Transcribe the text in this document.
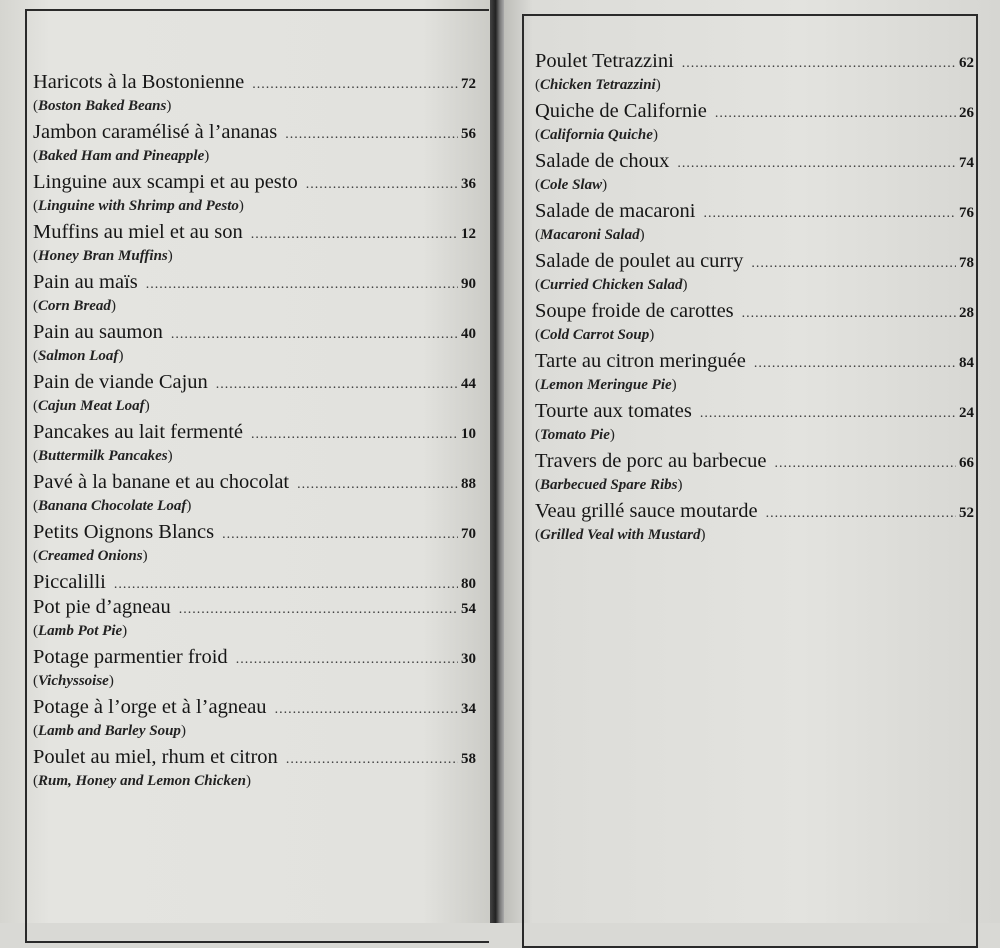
Haricots à la Bostonienne
.....	72
(Boston Baked Beans)
Jambon caramélisé à l’ananas
.....	56
(Baked Ham and Pineapple)
Linguine aux scampi et au pesto
.....	36
(Linguine with Shrimp and Pesto)
Muffins au miel et au son
.....	12
(Honey Bran Muffins)
Pain au maïs
.....	90
(Corn Bread)
Pain au saumon
.....	40
(Salmon Loaf)
Pain de viande Cajun
.....	44
(Cajun Meat Loaf)
Pancakes au lait fermenté
.....	10
(Buttermilk Pancakes)
Pavé à la banane et au chocolat
.....	88
(Banana Chocolate Loaf)
Petits Oignons Blancs
.....	70
(Creamed Onions)
Piccalilli
.....	80
Pot pie d’agneau
.....	54
(Lamb Pot Pie)
Potage parmentier froid
.....	30
(Vichyssoise)
Potage à l’orge et à l’agneau
.....	34
(Lamb and Barley Soup)
Poulet au miel, rhum et citron
.....	58
(Rum, Honey and Lemon Chicken)
Poulet Tetrazzini
.....	62
(Chicken Tetrazzini)
Quiche de Californie
.....	26
(California Quiche)
Salade de choux
.....	74
(Cole Slaw)
Salade de macaroni
.....	76
(Macaroni Salad)
Salade de poulet au curry
.....	78
(Curried Chicken Salad)
Soupe froide de carottes
.....	28
(Cold Carrot Soup)
Tarte au citron meringuée
.....	84
(Lemon Meringue Pie)
Tourte aux tomates
.....	24
(Tomato Pie)
Travers de porc au barbecue
.....	66
(Barbecued Spare Ribs)
Veau grillé sauce moutarde
.....	52
(Grilled Veal with Mustard)
